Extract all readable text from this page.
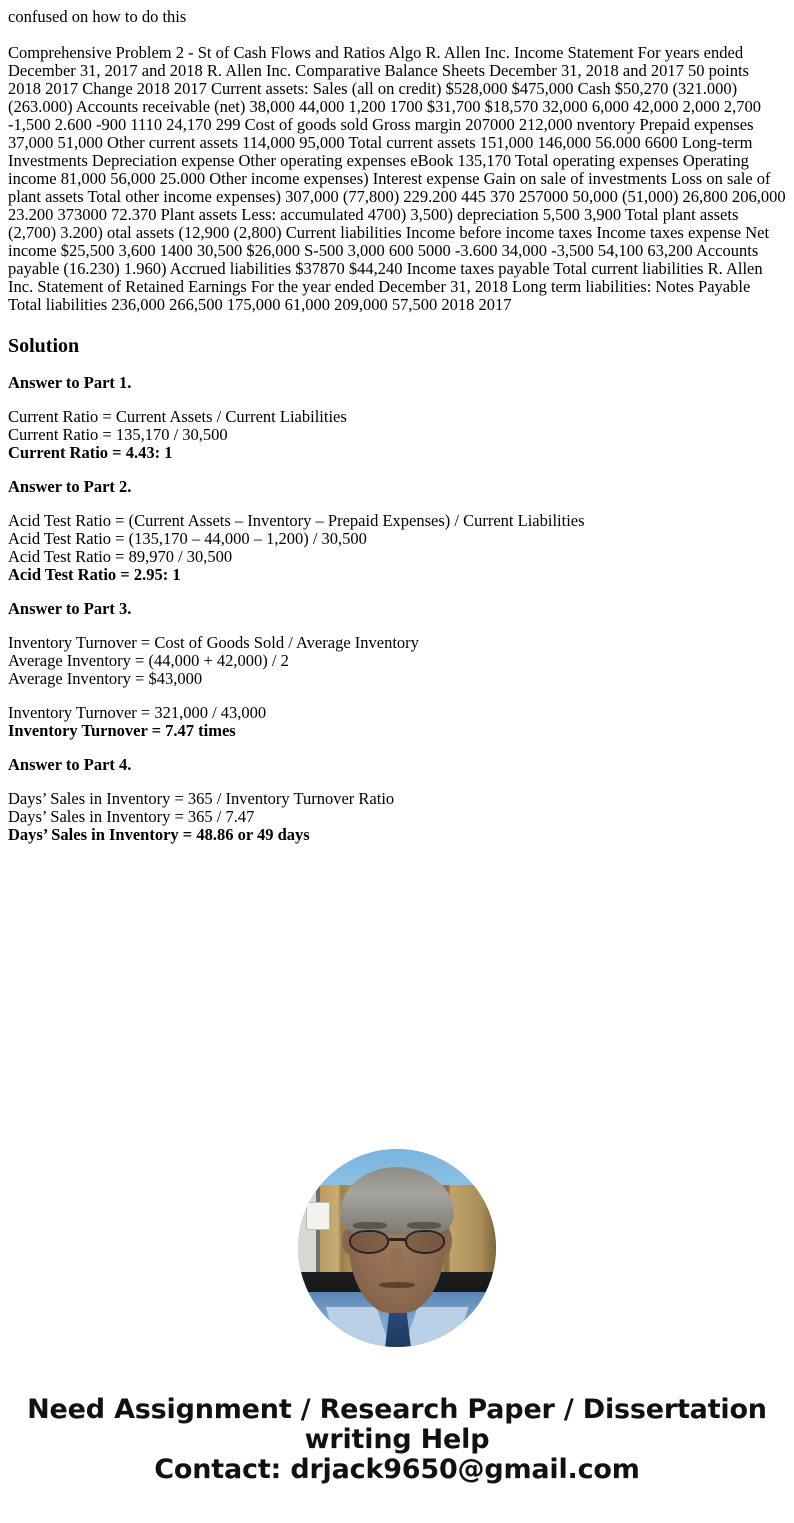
confused on how to do this

Comprehensive Problem 2 - St of Cash Flows and Ratios Algo R. Allen Inc. Income Statement For years ended December 31, 2017 and 2018 R. Allen Inc. Comparative Balance Sheets December 31, 2018 and 2017 50 points 2018 2017 Change 2018 2017 Current assets: Sales (all on credit) $528,000 $475,000 Cash $50,270 (321.000) (263.000) Accounts receivable (net) 38,000 44,000 1,200 1700 $31,700 $18,570 32,000 6,000 42,000 2,000 2,700 -1,500 2.600 -900 1110 24,170 299 Cost of goods sold Gross margin 207000 212,000 nventory Prepaid expenses 37,000 51,000 Other current assets 114,000 95,000 Total current assets 151,000 146,000 56.000 6600 Long-term Investments Depreciation expense Other operating expenses eBook 135,170 Total operating expenses Operating income 81,000 56,000 25.000 Other income expenses) Interest expense Gain on sale of investments Loss on sale of plant assets Total other income expenses) 307,000 (77,800) 229.200 445 370 257000 50,000 (51,000) 26,800 206,000 23.200 373000 72.370 Plant assets Less: accumulated 4700) 3,500) depreciation 5,500 3,900 Total plant assets (2,700) 3.200) otal assets (12,900 (2,800) Current liabilities Income before income taxes Income taxes expense Net income $25,500 3,600 1400 30,500 $26,000 S-500 3,000 600 5000 -3.600 34,000 -3,500 54,100 63,200 Accounts payable (16.230) 1.960) Accrued liabilities $37870 $44,240 Income taxes payable Total current liabilities R. Allen Inc. Statement of Retained Earnings For the year ended December 31, 2018 Long term liabilities: Notes Payable Total liabilities 236,000 266,500 175,000 61,000 209,000 57,500 2018 2017

Solution
Answer to Part 1.
Current Ratio = Current Assets / Current Liabilities
Current Ratio = 135,170 / 30,500
Current Ratio = 4.43: 1
Answer to Part 2.
Acid Test Ratio = (Current Assets – Inventory – Prepaid Expenses) / Current Liabilities
Acid Test Ratio = (135,170 – 44,000 – 1,200) / 30,500
Acid Test Ratio = 89,970 / 30,500
Acid Test Ratio = 2.95: 1
Answer to Part 3.
Inventory Turnover = Cost of Goods Sold / Average Inventory
Average Inventory = (44,000 + 42,000) / 2
Average Inventory = $43,000
Inventory Turnover = 321,000 / 43,000
Inventory Turnover = 7.47 times
Answer to Part 4.
Days’ Sales in Inventory = 365 / Inventory Turnover Ratio
Days’ Sales in Inventory = 365 / 7.47
Days’ Sales in Inventory = 48.86 or 49 days
Need Assignment / Research Paper / Dissertation
writing Help
Contact: drjack9650@gmail.com
